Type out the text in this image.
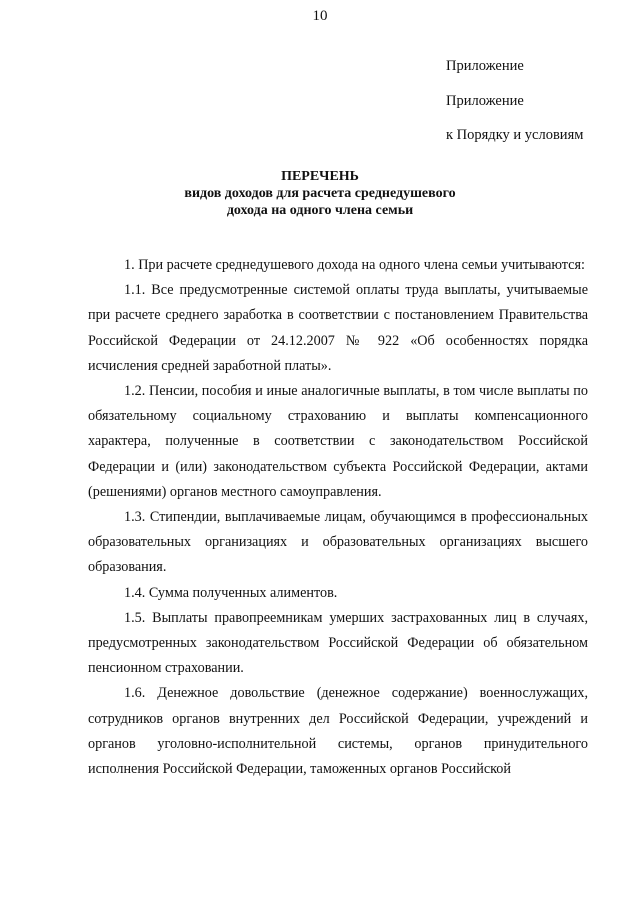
10
Приложение
Приложение
к Порядку и условиям
ПЕРЕЧЕНЬ
видов доходов для расчета среднедушевого
дохода на одного члена семьи

1. При расчете среднедушевого дохода на одного члена семьи учитываются:

1.1. Все предусмотренные системой оплаты труда выплаты, учитываемые при расчете среднего заработка в соответствии с постановлением Правительства Российской Федерации от 24.12.2007 № 922 «Об особенностях порядка исчисления средней заработной платы».

1.2. Пенсии, пособия и иные аналогичные выплаты, в том числе выплаты по обязательному социальному страхованию и выплаты компенсационного характера, полученные в соответствии с законодательством Российской Федерации и (или) законодательством субъекта Российской Федерации, актами (решениями) органов местного самоуправления.

1.3. Стипендии, выплачиваемые лицам, обучающимся в профессиональных образовательных организациях и образовательных организациях высшего образования.

1.4. Сумма полученных алиментов.

1.5. Выплаты правопреемникам умерших застрахованных лиц в случаях, предусмотренных законодательством Российской Федерации об обязательном пенсионном страховании.

1.6. Денежное довольствие (денежное содержание) военнослужащих, сотрудников органов внутренних дел Российской Федерации, учреждений и органов уголовно-исполнительной системы, органов принудительного исполнения Российской Федерации, таможенных органов Российской
